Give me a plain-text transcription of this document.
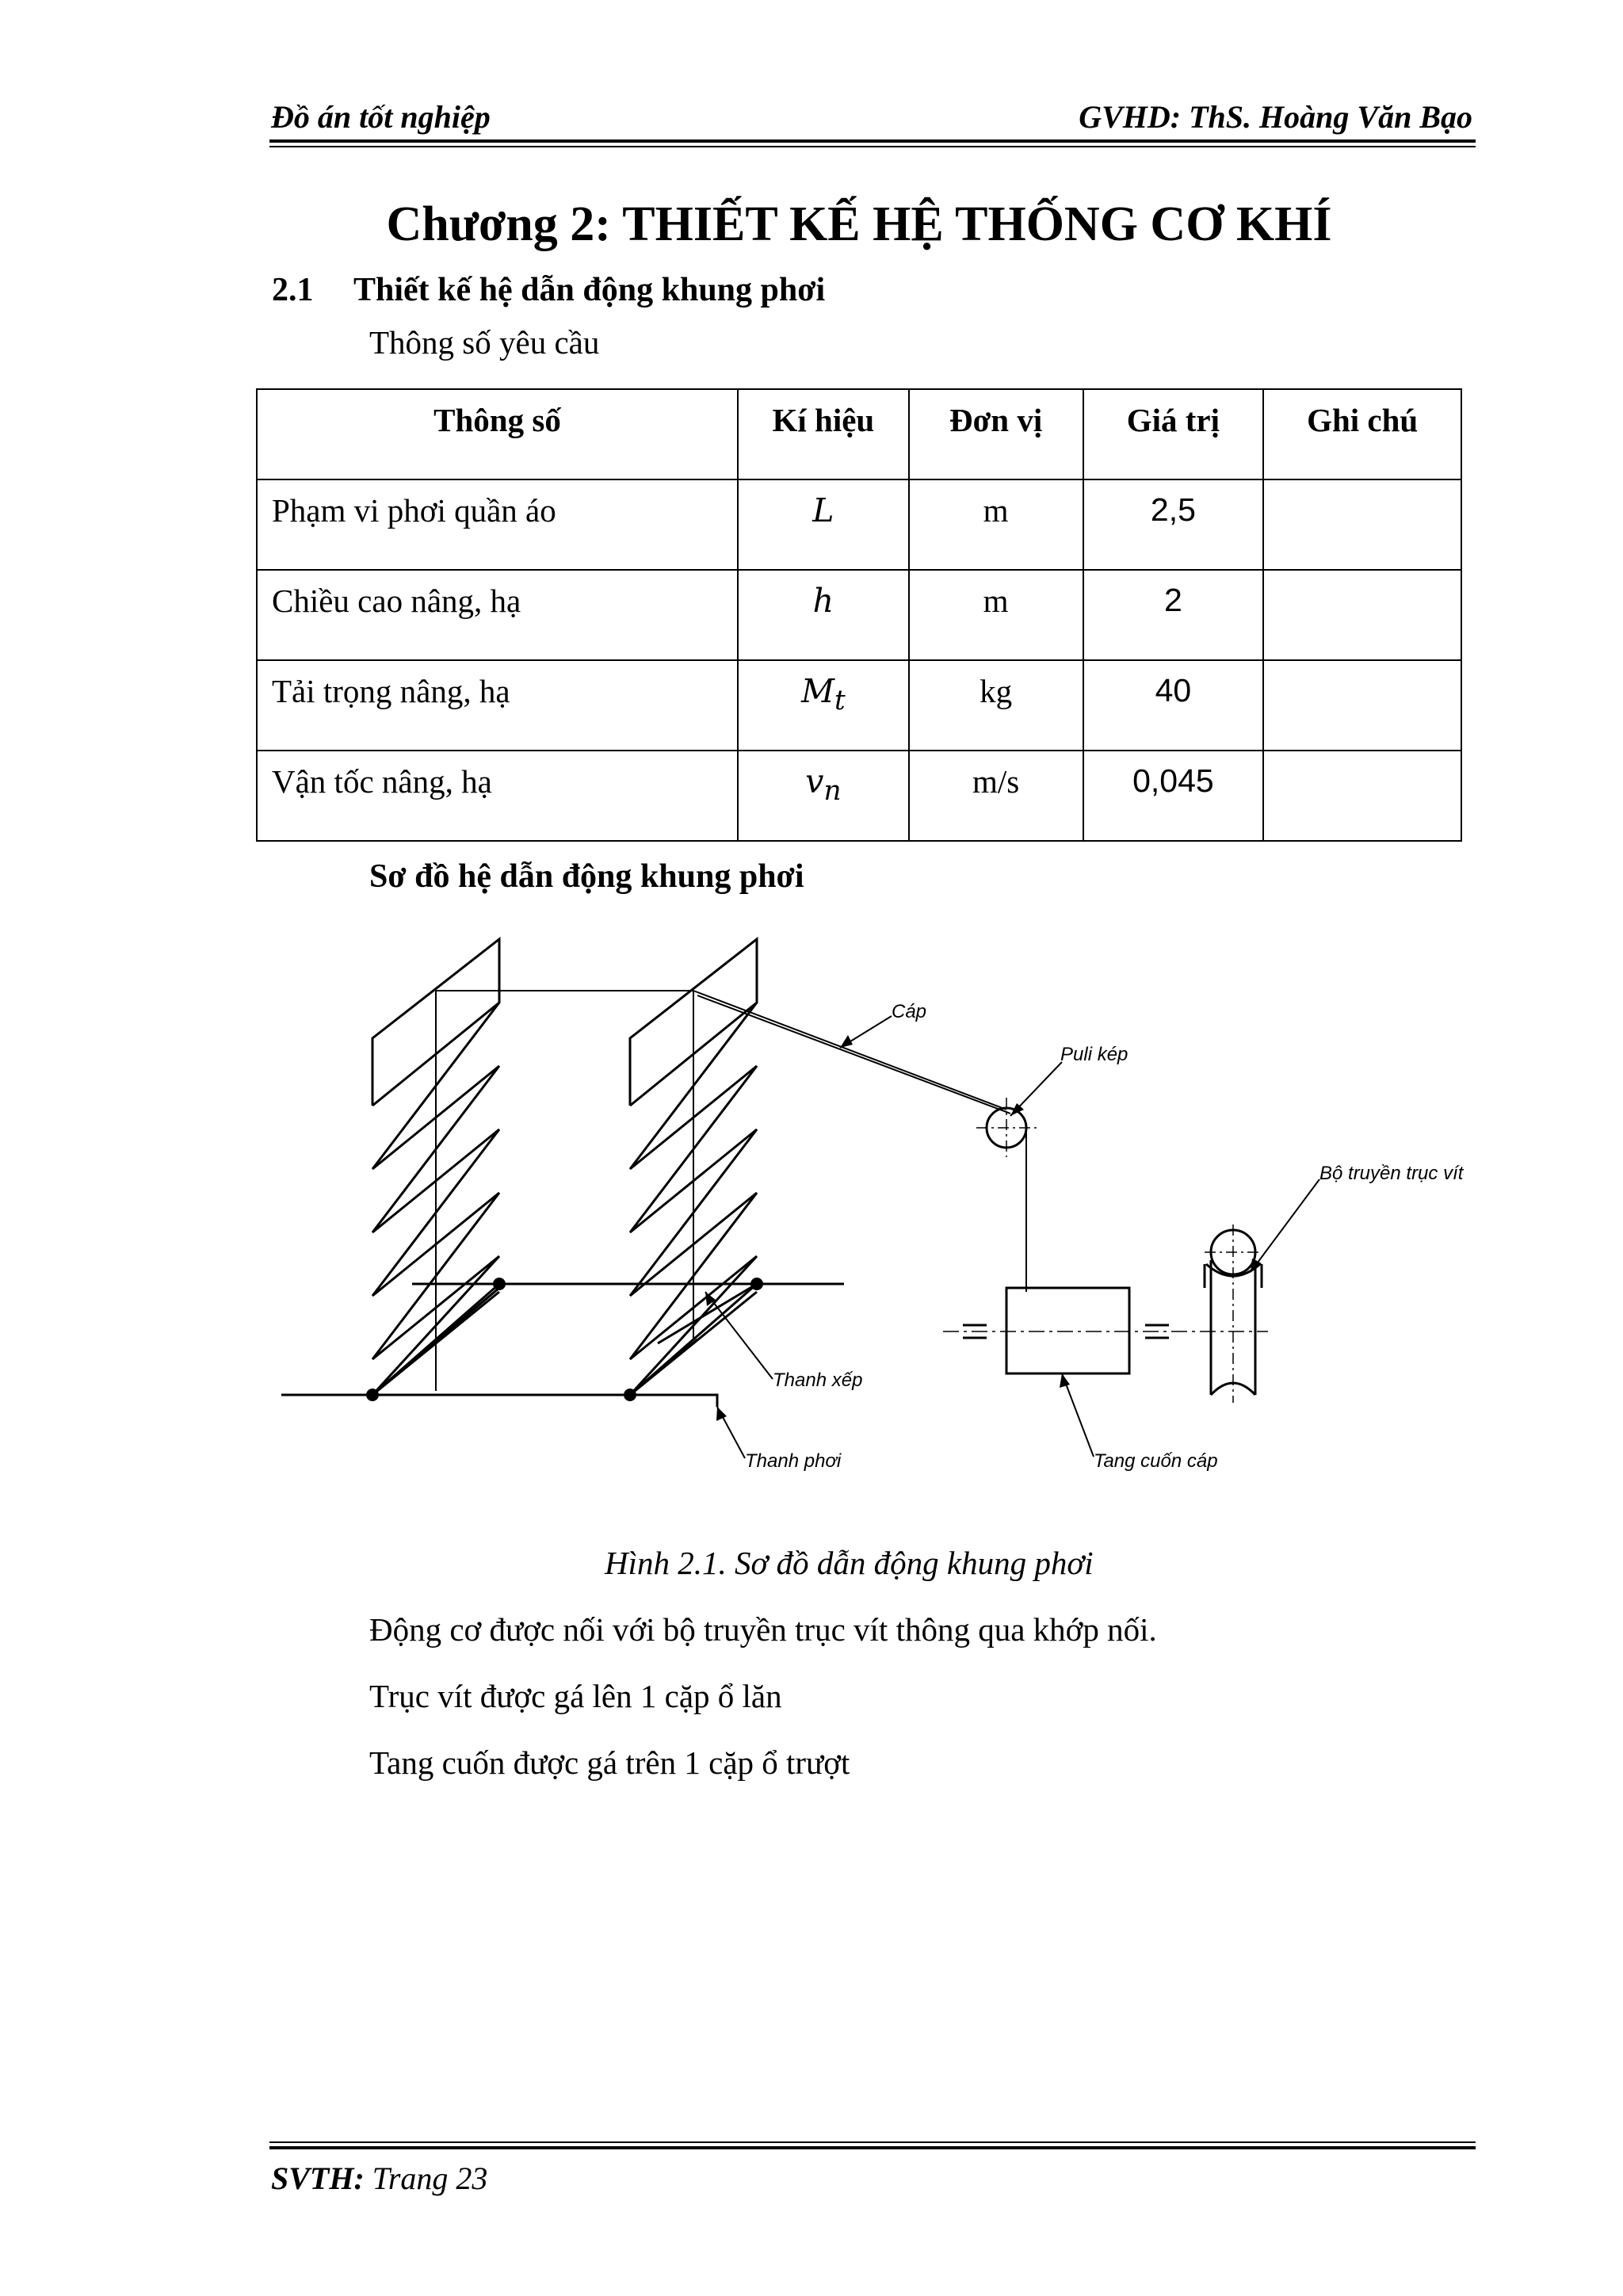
Đồ án tốt nghiệp	GVHD: ThS. Hoàng Văn Bạo
Chương 2: THIẾT KẾ HỆ THỐNG CƠ KHÍ
2.1 Thiết kế hệ dẫn động khung phơi
Thông số yêu cầu
Thông số	Kí hiệu	Đơn vị	Giá trị	Ghi chú
Phạm vi phơi quần áo	L	m	2,5	
Chiều cao nâng, hạ	h	m	2	
Tải trọng nâng, hạ	$M_t$	kg	40	
Vận tốc nâng, hạ	$v_n$	m/s	0,045	
Sơ đồ hệ dẫn động khung phơi
Cáp
Puli kép
Bộ truyền trục vít
Thanh xếp
Thanh phơi	Tang cuốn cáp
Hình 2.1. Sơ đồ dẫn động khung phơi
Động cơ được nối với bộ truyền trục vít thông qua khớp nối.
Trục vít được gá lên 1 cặp ổ lăn
Tang cuốn được gá trên 1 cặp ổ trượt
SVTH: Trang 23
